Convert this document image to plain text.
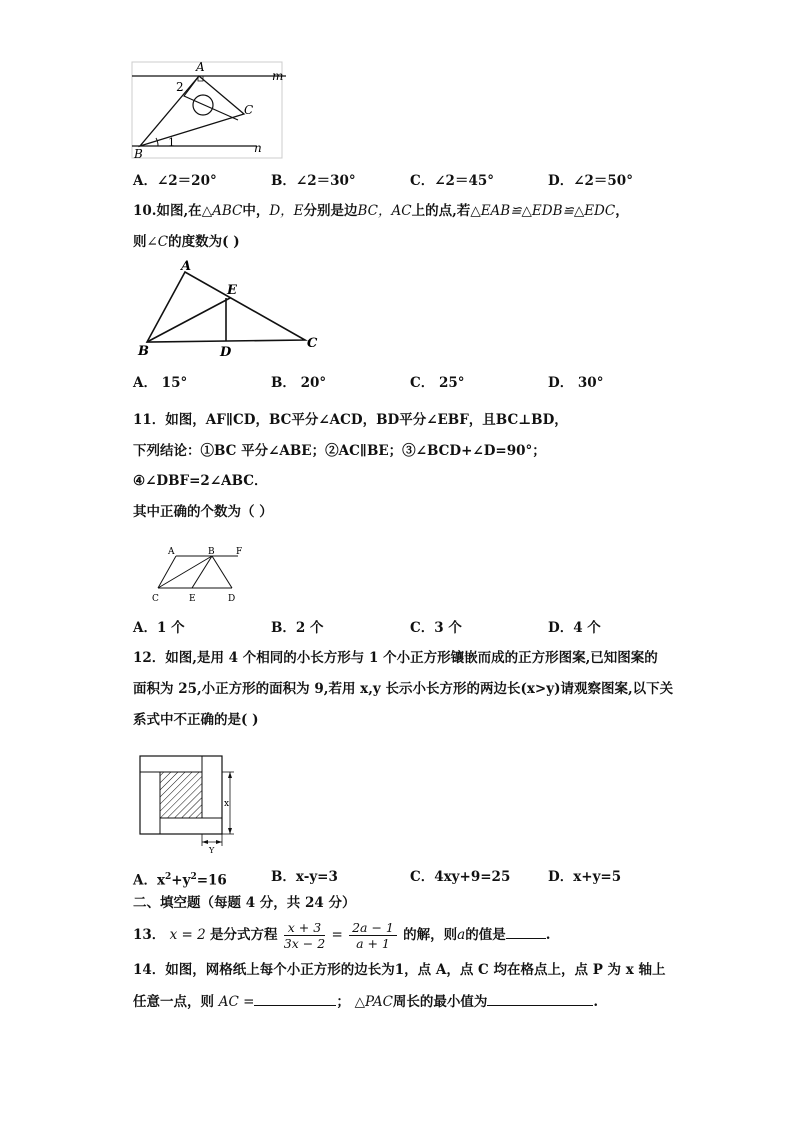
A
2
C
m
n
1
B
A．∠2＝20°	B．∠2＝30°	C．∠2＝45°	D．∠2＝50°
10.如图,在△ABC中，D，E分别是边BC，AC上的点,若△EAB≌△EDB≌△EDC，
则∠C的度数为( )
A
E
B	D
C
A． 15°	B． 20°	C． 25°	D． 30°
11．如图，AF∥CD，BC平分∠ACD，BD平分∠EBF，且BC⊥BD，
下列结论：①BC 平分∠ABE；②AC∥BE；③∠BCD+∠D=90°；
④∠DBF=2∠ABC．
其中正确的个数为（ ）
A	B F
C	E	D
A．1 个	B．2 个	C．3 个	D．4 个
12．如图,是用 4 个相同的小长方形与 1 个小正方形镶嵌而成的正方形图案,已知图案的
面积为 25,小正方形的面积为 9,若用 x,y 长示小长方形的两边长(x>y)请观察图案,以下关
系式中不正确的是( )
x
Y
A．$x^2+y^2=16$	B．x-y=3	C．4xy+9=25	D．x+y=5
二、填空题（每题 4 分，共 24 分）
13． x = 2 是分式方程 $\frac{x + 3}{3x - 2} = \frac{2a - 1}{a + 1}$ 的解，则a的值是	.
14．如图，网格纸上每个小正方形的边长为1，点 A，点 C 均在格点上，点 P 为 x 轴上
任意一点，则 AC =	； △PAC周长的最小值为	.
